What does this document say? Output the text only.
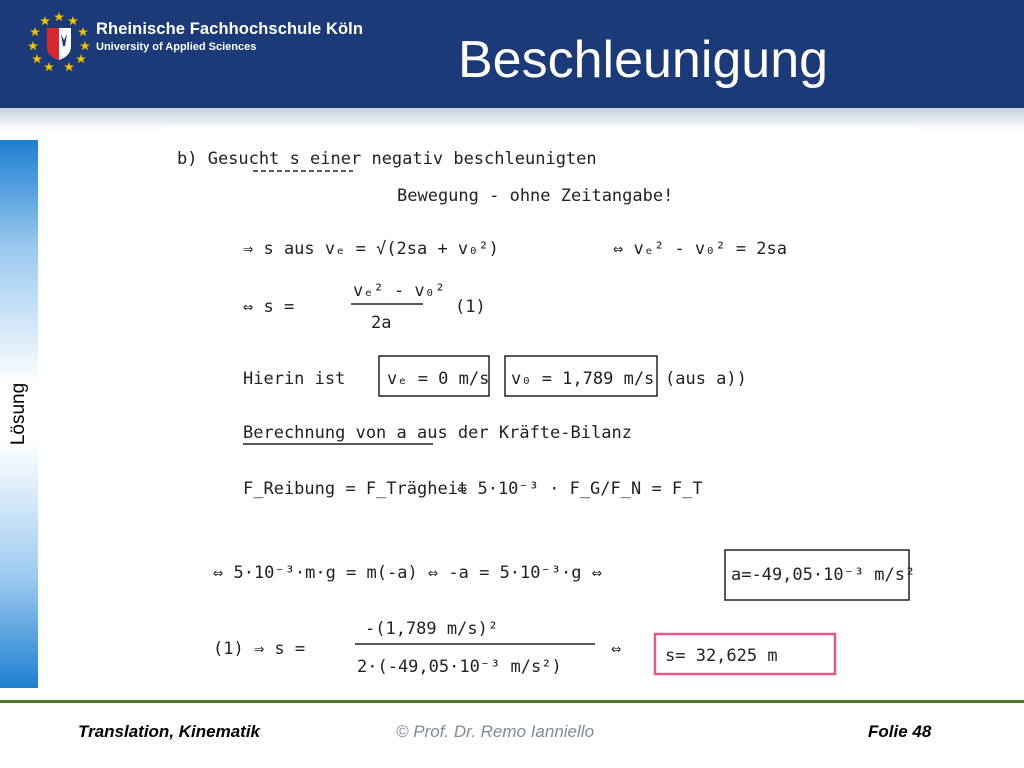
Rheinische Fachhochschule Köln
University of Applied Sciences	Beschleunigung
Lösung
b) Gesucht s einer negativ beschleunigten
Bewegung - ohne Zeitangabe!
⇒ s aus vₑ = √(2sa + v₀²)	⇔ vₑ² - v₀² = 2sa
⇔ s =
vₑ² - v₀²
2a
(1)
Hierin ist vₑ = 0 m/s v₀ = 1,789 m/s (aus a))
Berechnung von a aus der Kräfte-Bilanz
F_Reibung = F_Trägheit
⇔ 5·10⁻³ · F_G/F_N = F_T
⇔ 5·10⁻³·m·g = m(-a) ⇔ -a = 5·10⁻³·g ⇔	a=-49,05·10⁻³ m/s²
(1) ⇒ s =
-(1,789 m/s)²
2·(-49,05·10⁻³ m/s²)
⇔	s= 32,625 m
Translation, Kinematik	© Prof. Dr. Remo Ianniello	Folie 48
